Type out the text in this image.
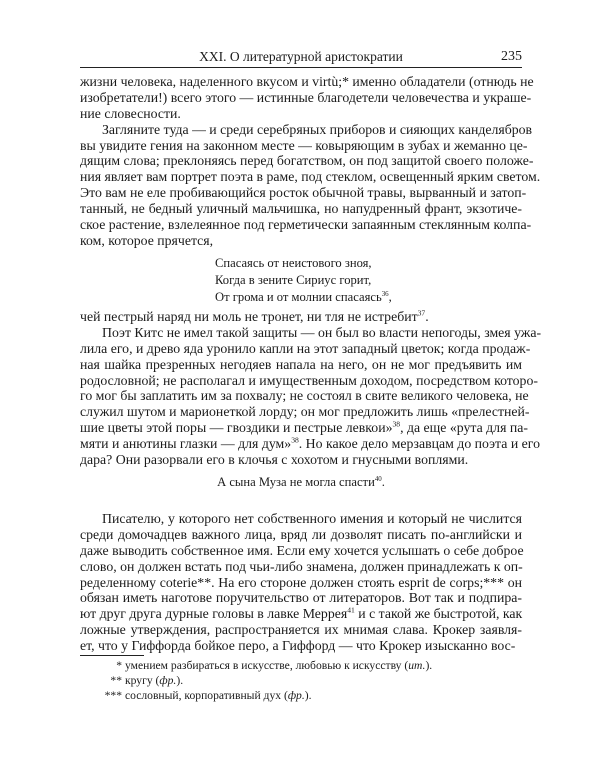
XXI. О литературной аристократии	235
жизни человека, наделенного вкусом и virtù;* именно обладатели (отнюдь не
изобретатели!) всего этого — истинные благодетели человечества и украше-
ние словесности.
Загляните туда — и среди серебряных приборов и сияющих канделябров
вы увидите гения на законном месте — ковыряющим в зубах и жеманно це-
дящим слова; преклоняясь перед богатством, он под защитой своего положе-
ния являет вам портрет поэта в раме, под стеклом, освещенный ярким светом.
Это вам не еле пробивающийся росток обычной травы, вырванный и затоп-
танный, не бедный уличный мальчишка, но напудренный франт, экзотиче-
ское растение, взлелеянное под герметически запаянным стеклянным колпа-
ком, которое прячется,
Спасаясь от неистового зноя,
Когда в зените Сириус горит,
От грома и от молнии спасаясь$^{36}$,
чей пестрый наряд ни моль не тронет, ни тля не истребит$^{37}$.
Поэт Китс не имел такой защиты — он был во власти непогоды, змея ужа-
лила его, и древо яда уронило капли на этот западный цветок; когда продаж-
ная шайка презренных негодяев напала на него, он не мог предъявить им
родословной; не располагал и имущественным доходом, посредством которо-
го мог бы заплатить им за похвалу; не состоял в свите великого человека, не
служил шутом и марионеткой лорду; он мог предложить лишь «прелестней-
шие цветы этой поры — гвоздики и пестрые левкои»$^{38}$, да еще «рута для па-
мяти и анютины глазки — для дум»$^{38}$. Но какое дело мерзавцам до поэта и его
дара? Они разорвали его в клочья с хохотом и гнусными воплями.
А сына Муза не могла спасти$^{40}$.
Писателю, у которого нет собственного имения и который не числится
среди домочадцев важного лица, вряд ли дозволят писать по-английски и
даже выводить собственное имя. Если ему хочется услышать о себе доброе
слово, он должен встать под чьи-либо знамена, должен принадлежать к оп-
ределенному coterie**. На его стороне должен стоять esprit de corps;*** он
обязан иметь наготове поручительство от литераторов. Вот так и подпира-
ют друг друга дурные головы в лавке Меррея$^{41}$ и с такой же быстротой, как
ложные утверждения, распространяется их мнимая слава. Крокер заявля-
ет, что у Гиффорда бойкое перо, а Гиффорд — что Крокер изысканно вос-
* умением разбираться в искусстве, любовью к искусству (ит.).
** кругу (фр.).
*** сословный, корпоративный дух (фр.).
